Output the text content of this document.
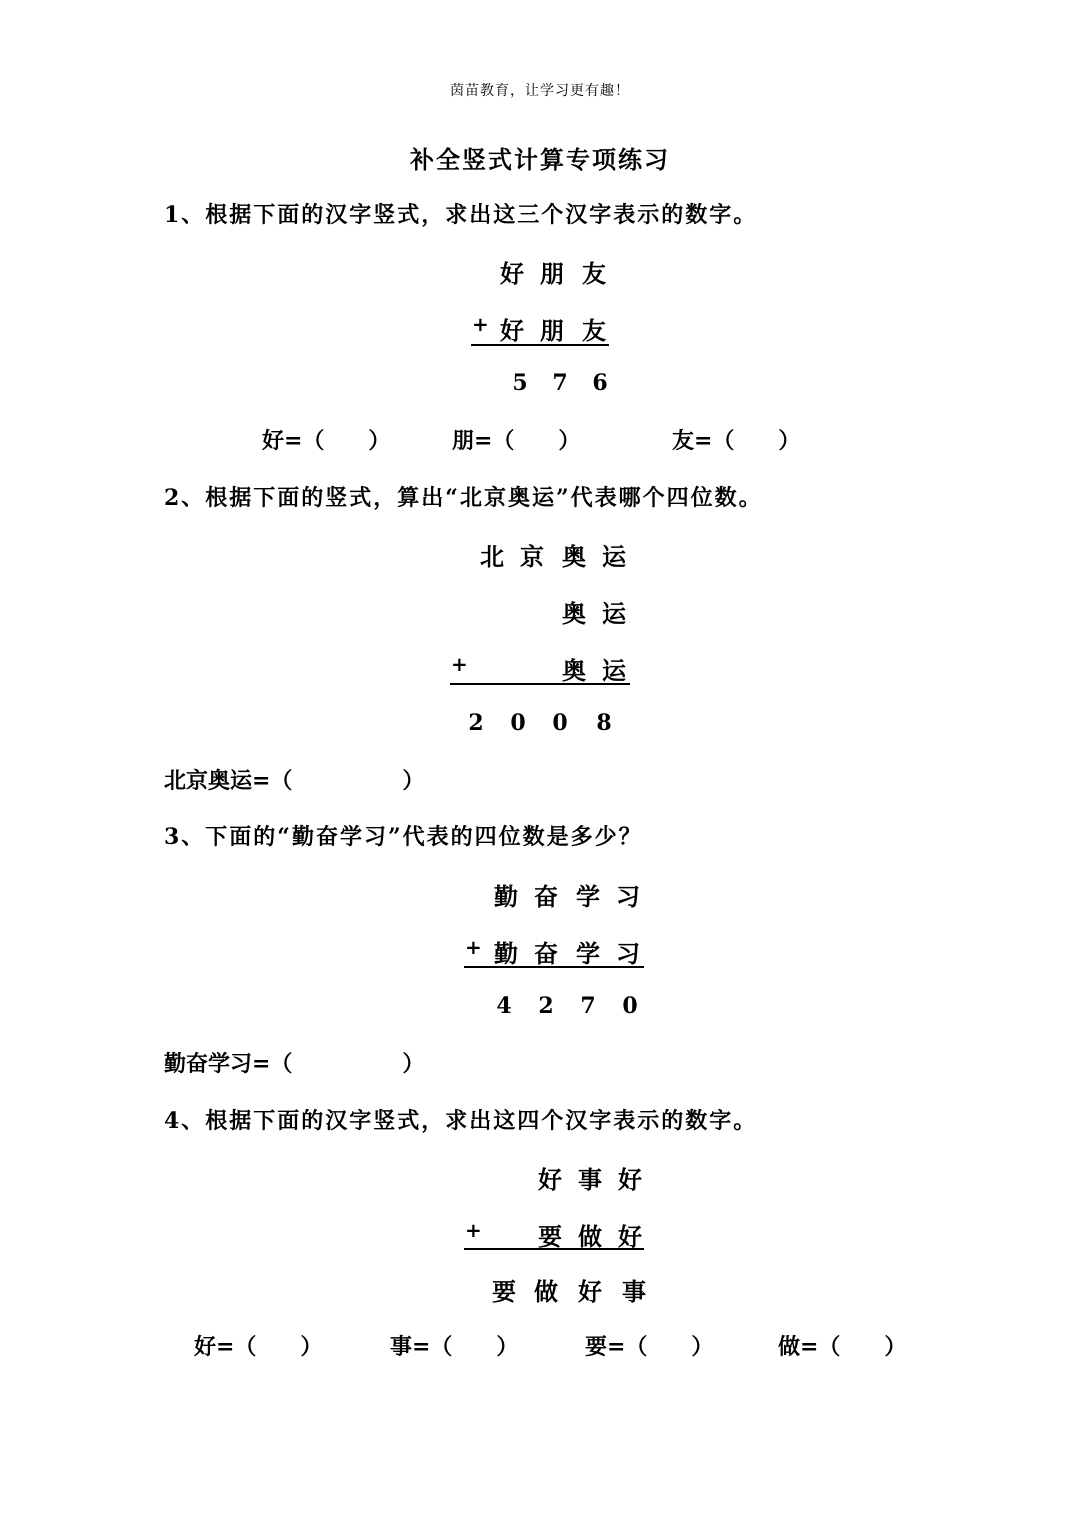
茵苗教育，让学习更有趣！
补全竖式计算专项练习
1、根据下面的汉字竖式，求出这三个汉字表示的数字。
好 朋 友
+ 好 朋 友
5	7	6
好=（　　）	朋=（　　）	友=（　　）
2、根据下面的竖式，算出“北京奥运”代表哪个四位数。
北 京 奥 运
奥 运
+	奥 运
2	0	0	8
北京奥运=（　　　　　）
3、下面的“勤奋学习”代表的四位数是多少？
勤 奋 学 习
+ 勤 奋 学 习
4	2	7	0
勤奋学习=（　　　　　）
4、根据下面的汉字竖式，求出这四个汉字表示的数字。
好 事 好
+	要 做 好
要 做 好 事
好=（　　）	事=（　　）	要=（　　）	做=（　　）
